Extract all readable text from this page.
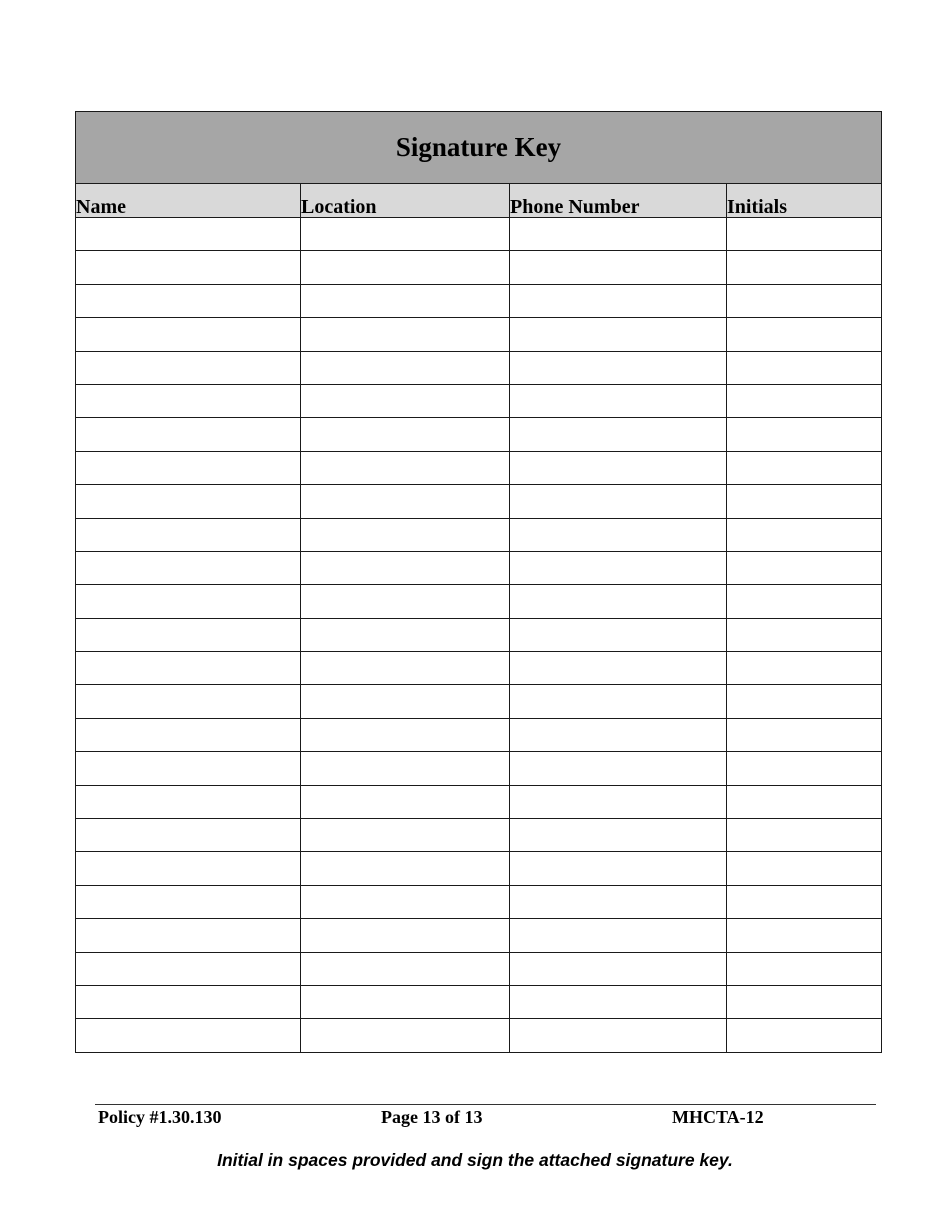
Signature Key			
Name	Location	Phone Number	Initials

Policy #1.30.130	Page 13 of 13	MHCTA-12
Initial in spaces provided and sign the attached signature key.
